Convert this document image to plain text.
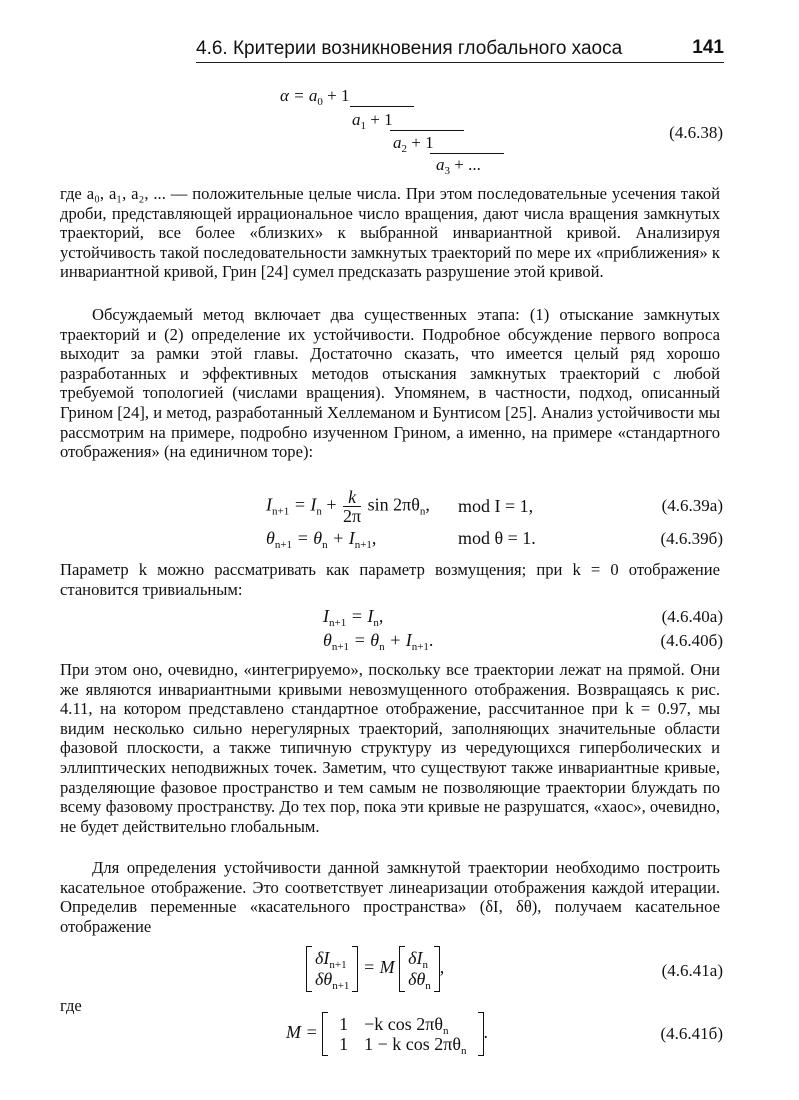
4.6. Критерии возникновения глобального хаоса	141
$\alpha = a_0 + 1$
$a_1 + 1$
$a_2 + 1$
$a_3$ + ...
(4.6.38)
где a₀, a₁, a₂, ... — положительные целые числа. При этом последовательные усечения такой дроби, представляющей иррациональное число вращения, дают числа вращения замкнутых траекторий, все более «близких» к выбранной инвариантной кривой. Анализируя устойчивость такой последовательности замкнутых траекторий по мере их «приближения» к инвариантной кривой, Грин [24] сумел предсказать разрушение этой кривой.
Обсуждаемый метод включает два существенных этапа: (1) отыскание замкнутых траекторий и (2) определение их устойчивости. Подробное обсуждение первого вопроса выходит за рамки этой главы. Достаточно сказать, что имеется целый ряд хорошо разработанных и эффективных методов отыскания замкнутых траекторий с любой требуемой топологией (числами вращения). Упомянем, в частности, подход, описанный Грином [24], и метод, разработанный Хеллеманом и Бунтисом [25]. Анализ устойчивости мы рассмотрим на примере, подробно изученном Грином, а именно, на примере «стандартного отображения» (на единичном торе):
$I_{n+1} = I_n + \frac{k}{2\pi}$ $\sin 2\pi\theta_n$, mod I = 1,	(4.6.39a)
$\theta_{n+1} = \theta_n + I_{n+1}$,	mod θ = 1.	(4.6.39б)
Параметр k можно рассматривать как параметр возмущения; при k = 0 отображение становится тривиальным:
$I_{n+1} = I_n$,	(4.6.40a)
$\theta_{n+1} = \theta_n + I_{n+1}$.	(4.6.40б)
При этом оно, очевидно, «интегрируемо», поскольку все траектории лежат на прямой. Они же являются инвариантными кривыми невозмущенного отображения. Возвращаясь к рис. 4.11, на котором представлено стандартное отображение, рассчитанное при k = 0.97, мы видим несколько сильно нерегулярных траекторий, заполняющих значительные области фазовой плоскости, а также типичную структуру из чередующихся гиперболических и эллиптических неподвижных точек. Заметим, что существуют также инвариантные кривые, разделяющие фазовое пространство и тем самым не позволяющие траектории блуждать по всему фазовому пространству. До тех пор, пока эти кривые не разрушатся, «хаос», очевидно, не будет действительно глобальным.
Для определения устойчивости данной замкнутой траектории необходимо построить касательное отображение. Это соответствует линеаризации отображения каждой итерации. Определив переменные «касательного пространства» (δI, δθ), получаем касательное отображение
$\delta I_{n+1}$
$\delta\theta_{n+1}$
= M $\delta I_n$
$\delta\theta_n$
,	(4.6.41a)
где
M = 1	−k $\cos 2\pi\theta_n$
1	1 − k $\cos 2\pi\theta_n$
.	(4.6.41б)
